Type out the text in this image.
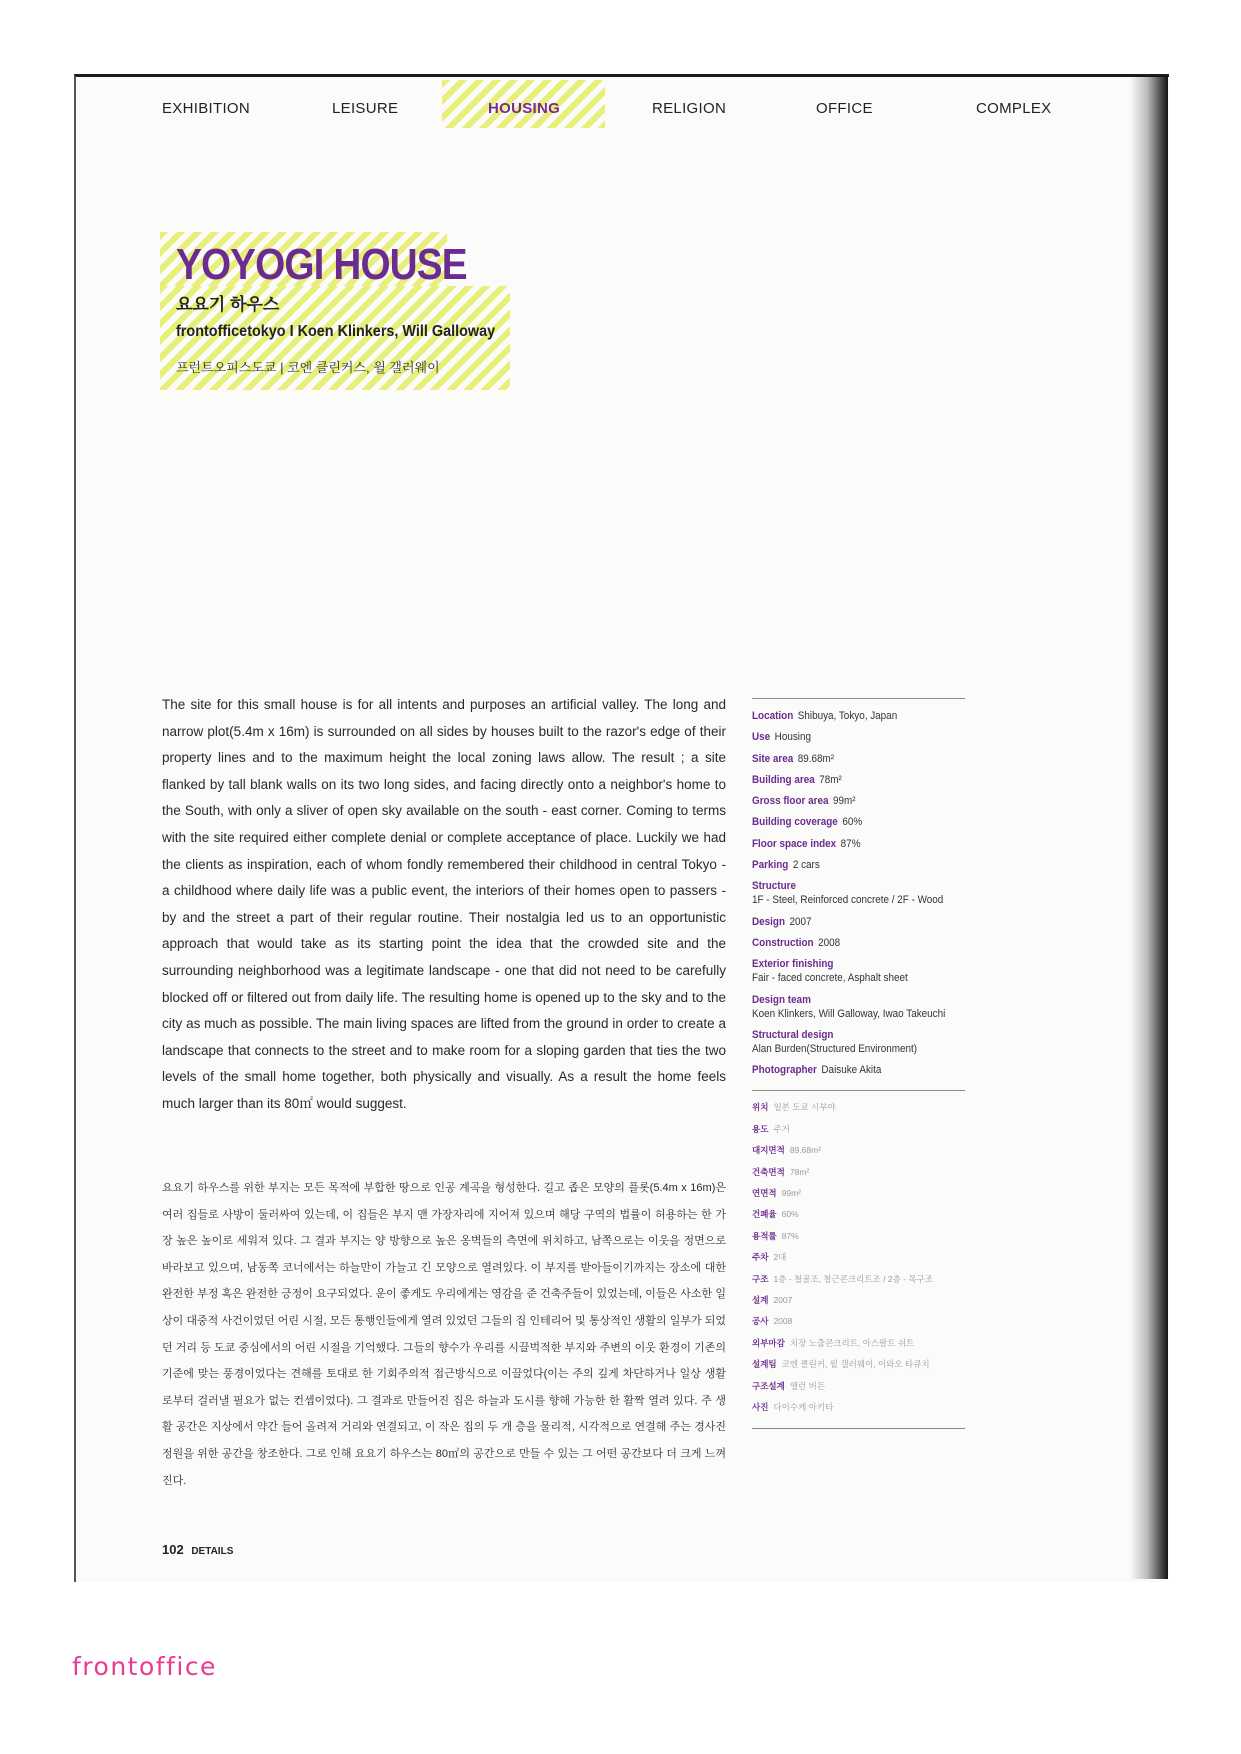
EXHIBITION	LEISURE	HOUSING	RELIGION	OFFICE	COMPLEX
YOYOGI HOUSE
요요기 하우스
frontofficetokyo I Koen Klinkers, Will Galloway
프런트오피스도쿄 | 코엔 클린커스, 윌 갤러웨이

The site for this small house is for all intents and purposes an artificial valley. The long and narrow plot(5.4m x 16m) is surrounded on all sides by houses built to the razor's edge of their property lines and to the maximum height the local zoning laws allow. The result ; a site flanked by tall blank walls on its two long sides, and facing directly onto a neighbor's home to the South, with only a sliver of open sky available on the south - east corner. Coming to terms with the site required either complete denial or complete acceptance of place. Luckily we had the clients as inspiration, each of whom fondly remembered their childhood in central Tokyo - a childhood where daily life was a public event, the interiors of their homes open to passers - by and the street a part of their regular routine. Their nostalgia led us to an opportunistic approach that would take as its starting point the idea that the crowded site and the surrounding neighborhood was a legitimate landscape - one that did not need to be carefully blocked off or filtered out from daily life. The resulting home is opened up to the sky and to the city as much as possible. The main living spaces are lifted from the ground in order to create a landscape that connects to the street and to make room for a sloping garden that ties the two levels of the small home together, both physically and visually. As a result the home feels much larger than its 80㎡ would suggest.

요요기 하우스를 위한 부지는 모든 목적에 부합한 땅으로 인공 계곡을 형성한다. 길고 좁은 모양의 플롯(5.4m x 16m)은 여러 집들로 사방이 둘러싸여 있는데, 이 집들은 부지 맨 가장자리에 지어져 있으며 해당 구역의 법률이 허용하는 한 가장 높은 높이로 세워져 있다. 그 결과 부지는 양 방향으로 높은 옹벽들의 측면에 위치하고, 남쪽으로는 이웃을 정면으로 바라보고 있으며, 남동쪽 코너에서는 하늘만이 가늘고 긴 모양으로 열려있다. 이 부지를 받아들이기까지는 장소에 대한 완전한 부정 혹은 완전한 긍정이 요구되었다. 운이 좋게도 우리에게는 영감을 준 건축주들이 있었는데, 이들은 사소한 일상이 대중적 사건이었던 어린 시절, 모든 통행인들에게 열려 있었던 그들의 집 인테리어 및 통상적인 생활의 일부가 되었던 거리 등 도쿄 중심에서의 어린 시절을 기억했다. 그들의 향수가 우리를 시끌벅적한 부지와 주변의 이웃 환경이 기존의 기준에 맞는 풍경이었다는 견해를 토대로 한 기회주의적 접근방식으로 이끌었다(이는 주의 깊게 차단하거나 일상 생활로부터 걸러낼 필요가 없는 컨셉이었다). 그 결과로 만들어진 집은 하늘과 도시를 향해 가능한 한 활짝 열려 있다. 주 생활 공간은 지상에서 약간 들어 올려져 거리와 연결되고, 이 작은 집의 두 개 층을 물리적, 시각적으로 연결해 주는 경사진 정원을 위한 공간을 창조한다. 그로 인해 요요기 하우스는 80㎡의 공간으로 만들 수 있는 그 어떤 공간보다 더 크게 느껴진다.

Location Shibuya, Tokyo, Japan
Use Housing
Site area 89.68m²
Building area 78m²
Gross floor area 99m²
Building coverage 60%
Floor space index 87%
Parking 2 cars
Structure
1F - Steel, Reinforced concrete / 2F - Wood
Design 2007
Construction 2008
Exterior finishing
Fair - faced concrete, Asphalt sheet
Design team
Koen Klinkers, Will Galloway, Iwao Takeuchi
Structural design
Alan Burden(Structured Environment)
Photographer Daisuke Akita
위치 일본 도쿄 시부야
용도 주거
대지면적 89.68m²
건축면적 78m²
연면적 99m²
건폐율 60%
용적률 87%
주차 2대
구조 1층 - 철골조, 철근콘크리트조 / 2층 - 목구조
설계 2007
공사 2008
외부마감 치장 노출콘크리트, 아스팔트 쉬트
설계팀 코엔 클린커, 윌 갤러웨이, 이와오 타큐치
구조설계 앨런 버든
사진 다이수케 아키타
102 DETAILS
frontoffice
